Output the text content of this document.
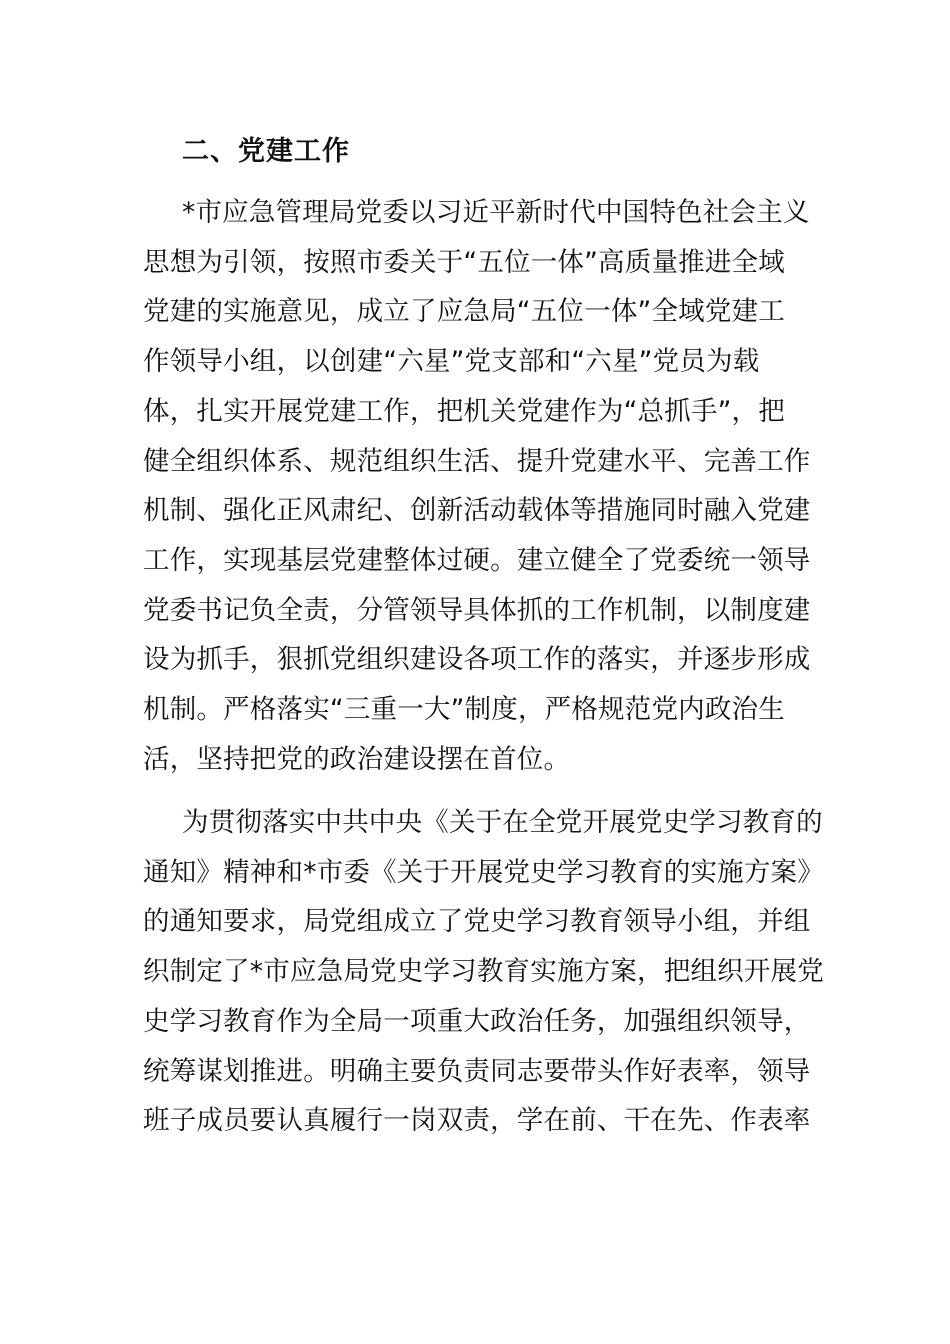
二、党建工作
*市应急管理局党委以习近平新时代中国特色社会主义
思想为引领，按照市委关于“五位一体”高质量推进全域
党建的实施意见，成立了应急局“五位一体”全域党建工
作领导小组，以创建“六星”党支部和“六星”党员为载
体，扎实开展党建工作，把机关党建作为“总抓手”，把
健全组织体系、规范组织生活、提升党建水平、完善工作
机制、强化正风肃纪、创新活动载体等措施同时融入党建
工作，实现基层党建整体过硬。建立健全了党委统一领导
党委书记负全责，分管领导具体抓的工作机制，以制度建
设为抓手，狠抓党组织建设各项工作的落实，并逐步形成
机制。严格落实“三重一大”制度，严格规范党内政治生
活，坚持把党的政治建设摆在首位。
为贯彻落实中共中央《关于在全党开展党史学习教育的
通知》精神和*市委《关于开展党史学习教育的实施方案》
的通知要求，局党组成立了党史学习教育领导小组，并组
织制定了*市应急局党史学习教育实施方案，把组织开展党
史学习教育作为全局一项重大政治任务，加强组织领导，
统筹谋划推进。明确主要负责同志要带头作好表率，领导
班子成员要认真履行一岗双责，学在前、干在先、作表率
